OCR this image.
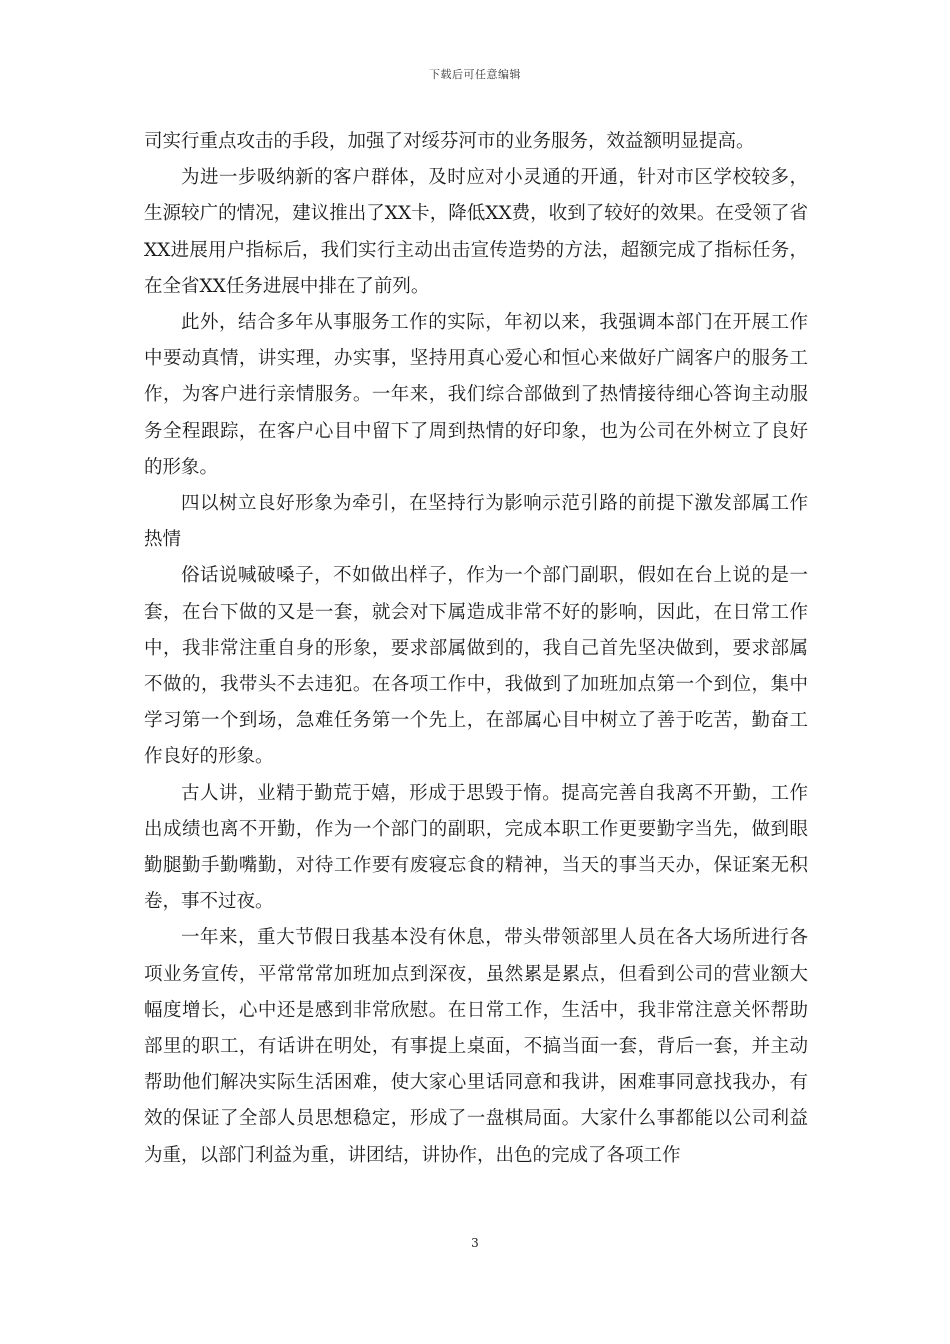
下载后可任意编辑

司实行重点攻击的手段，加强了对绥芬河市的业务服务，效益额明显提高。

为进一步吸纳新的客户群体，及时应对小灵通的开通，针对市区学校较多，生源较广的情况，建议推出了XX卡，降低XX费，收到了较好的效果。在受领了省XX进展用户指标后，我们实行主动出击宣传造势的方法，超额完成了指标任务，在全省XX任务进展中排在了前列。

此外，结合多年从事服务工作的实际，年初以来，我强调本部门在开展工作中要动真情，讲实理，办实事，坚持用真心爱心和恒心来做好广阔客户的服务工作，为客户进行亲情服务。一年来，我们综合部做到了热情接待细心答询主动服务全程跟踪，在客户心目中留下了周到热情的好印象，也为公司在外树立了良好的形象。

四以树立良好形象为牵引，在坚持行为影响示范引路的前提下激发部属工作热情

俗话说喊破嗓子，不如做出样子，作为一个部门副职，假如在台上说的是一套，在台下做的又是一套，就会对下属造成非常不好的影响，因此，在日常工作中，我非常注重自身的形象，要求部属做到的，我自己首先坚决做到，要求部属不做的，我带头不去违犯。在各项工作中，我做到了加班加点第一个到位，集中学习第一个到场，急难任务第一个先上，在部属心目中树立了善于吃苦，勤奋工作良好的形象。

古人讲，业精于勤荒于嬉，形成于思毁于惰。提高完善自我离不开勤，工作出成绩也离不开勤，作为一个部门的副职，完成本职工作更要勤字当先，做到眼勤腿勤手勤嘴勤，对待工作要有废寝忘食的精神，当天的事当天办，保证案无积卷，事不过夜。

一年来，重大节假日我基本没有休息，带头带领部里人员在各大场所进行各项业务宣传，平常常常加班加点到深夜，虽然累是累点，但看到公司的营业额大幅度增长，心中还是感到非常欣慰。在日常工作，生活中，我非常注意关怀帮助部里的职工，有话讲在明处，有事提上桌面，不搞当面一套，背后一套，并主动帮助他们解决实际生活困难，使大家心里话同意和我讲，困难事同意找我办，有效的保证了全部人员思想稳定，形成了一盘棋局面。大家什么事都能以公司利益为重，以部门利益为重，讲团结，讲协作，出色的完成了各项工作

3
